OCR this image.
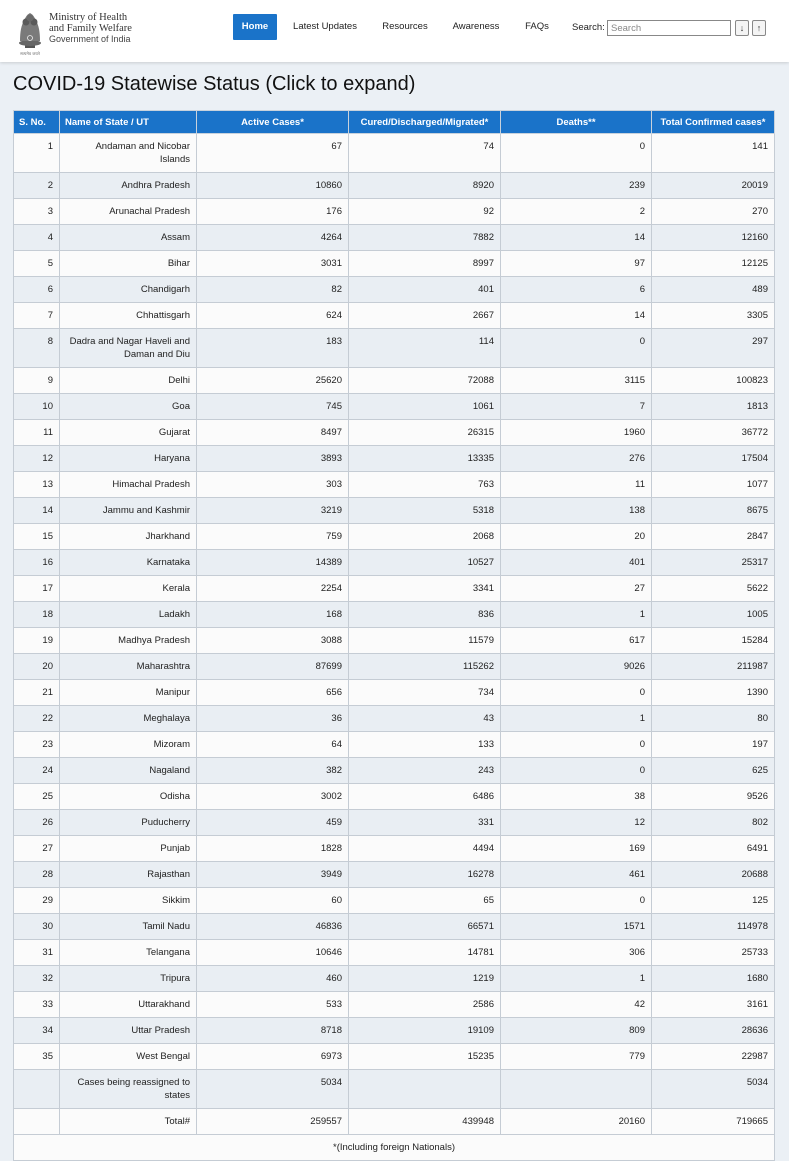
सत्यमेव जयते
Ministry of Health
and Family Welfare
Government of India
Home	Latest Updates	Resources	Awareness	FAQs	Search:
Search	↓	↑
COVID-19 Statewise Status (Click to expand)
S. No.	Name of State / UT	Active Cases*	Cured/Discharged/Migrated*	Deaths**	Total Confirmed cases*
1	Andaman and Nicobar Islands	67	74	0	141
2	Andhra Pradesh	10860	8920	239	20019
3	Arunachal Pradesh	176	92	2	270
4	Assam	4264	7882	14	12160
5	Bihar	3031	8997	97	12125
6	Chandigarh	82	401	6	489
7	Chhattisgarh	624	2667	14	3305
8	Dadra and Nagar Haveli and Daman and Diu	183	114	0	297
9	Delhi	25620	72088	3115	100823
10	Goa	745	1061	7	1813
11	Gujarat	8497	26315	1960	36772
12	Haryana	3893	13335	276	17504
13	Himachal Pradesh	303	763	11	1077
14	Jammu and Kashmir	3219	5318	138	8675
15	Jharkhand	759	2068	20	2847
16	Karnataka	14389	10527	401	25317
17	Kerala	2254	3341	27	5622
18	Ladakh	168	836	1	1005
19	Madhya Pradesh	3088	11579	617	15284
20	Maharashtra	87699	115262	9026	211987
21	Manipur	656	734	0	1390
22	Meghalaya	36	43	1	80
23	Mizoram	64	133	0	197
24	Nagaland	382	243	0	625
25	Odisha	3002	6486	38	9526
26	Puducherry	459	331	12	802
27	Punjab	1828	4494	169	6491
28	Rajasthan	3949	16278	461	20688
29	Sikkim	60	65	0	125
30	Tamil Nadu	46836	66571	1571	114978
31	Telangana	10646	14781	306	25733
32	Tripura	460	1219	1	1680
33	Uttarakhand	533	2586	42	3161
34	Uttar Pradesh	8718	19109	809	28636
35	West Bengal	6973	15235	779	22987
	Cases being reassigned to states	5034			5034
	Total#	259557	439948	20160	719665
*(Including foreign Nationals)					
